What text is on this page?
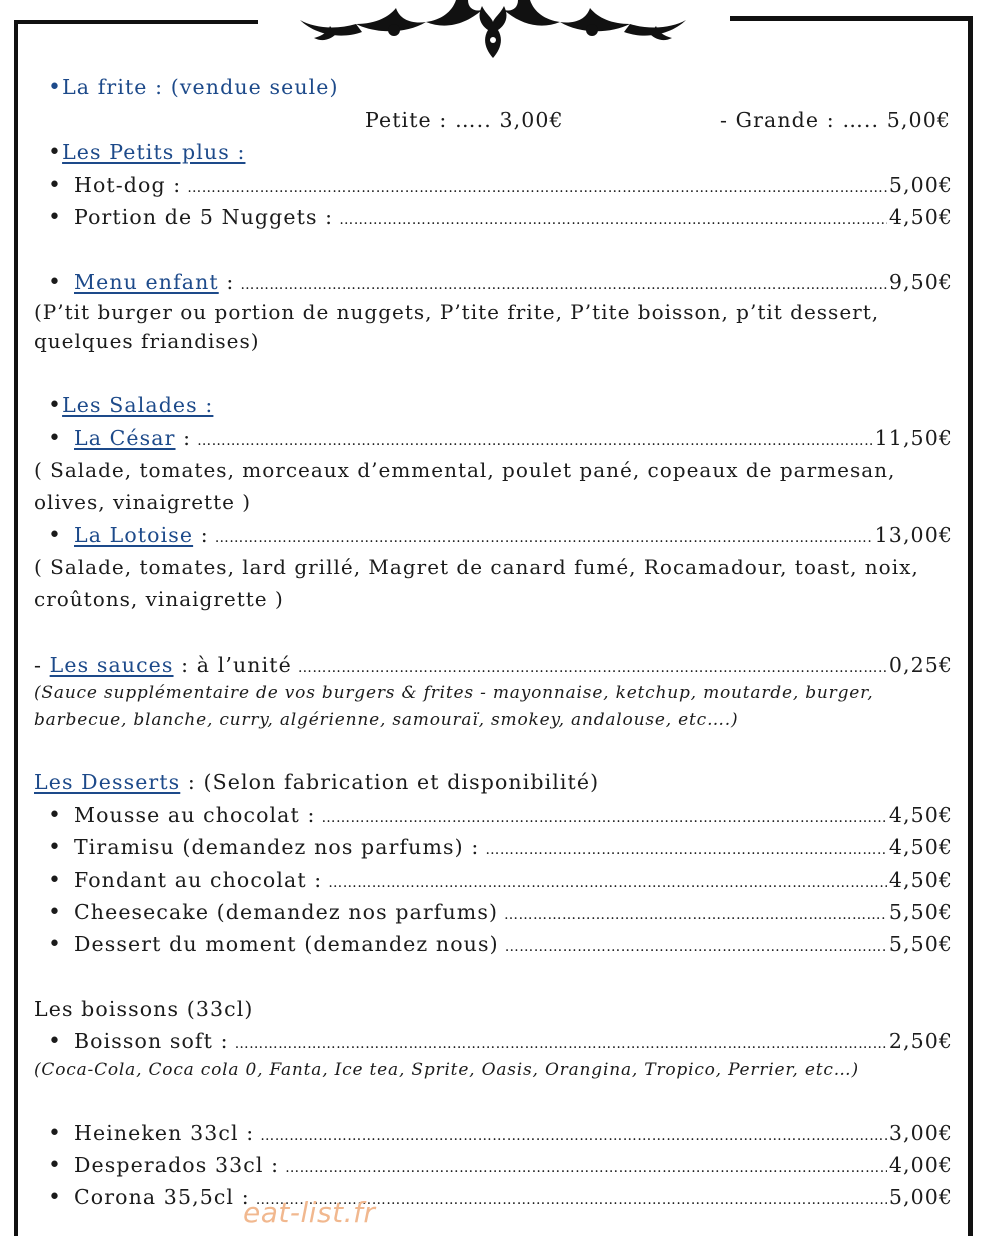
•La frite : (vendue seule)
Petite : ….. 3,00€	- Grande : ….. 5,00€
•Les Petits plus :
• Hot-dog : …………………………………………………………………………………………………………………………………………………………………………………………………………	5,00€
• Portion de 5 Nuggets : …………………………………………………………………………………………………………………………………………………………………………………………………………	4,50€
• Menu enfant : …………………………………………………………………………………………………………………………………………………………………………………………………………	9,50€
(P’tit burger ou portion de nuggets, P’tite frite, P’tite boisson, p’tit dessert, quelques friandises)
•Les Salades :
• La César : …………………………………………………………………………………………………………………………………………………………………………………………………………	11,50€
( Salade, tomates, morceaux d’emmental, poulet pané, copeaux de parmesan, olives, vinaigrette )
• La Lotoise : …………………………………………………………………………………………………………………………………………………………………………………………………………	13,00€
( Salade, tomates, lard grillé, Magret de canard fumé, Rocamadour, toast, noix, croûtons, vinaigrette )
- Les sauces : à l’unité …………………………………………………………………………………………………………………………………………………………………………………………………………	0,25€
(Sauce supplémentaire de vos burgers & frites - mayonnaise, ketchup, moutarde, burger, barbecue, blanche, curry, algérienne, samouraï, smokey, andalouse, etc….)
Les Desserts : (Selon fabrication et disponibilité)
• Mousse au chocolat : …………………………………………………………………………………………………………………………………………………………………………………………………………	4,50€
• Tiramisu (demandez nos parfums) : …………………………………………………………………………………………………………………………………………………………………………………………………………	4,50€
• Fondant au chocolat : …………………………………………………………………………………………………………………………………………………………………………………………………………	4,50€
• Cheesecake (demandez nos parfums) …………………………………………………………………………………………………………………………………………………………………………………………………………	5,50€
• Dessert du moment (demandez nous) …………………………………………………………………………………………………………………………………………………………………………………………………………	5,50€
Les boissons (33cl)
• Boisson soft : …………………………………………………………………………………………………………………………………………………………………………………………………………	2,50€
(Coca-Cola, Coca cola 0, Fanta, Ice tea, Sprite, Oasis, Orangina, Tropico, Perrier, etc…)
• Heineken 33cl : …………………………………………………………………………………………………………………………………………………………………………………………………………	3,00€
• Desperados 33cl : …………………………………………………………………………………………………………………………………………………………………………………………………………	4,00€
• Corona 35,5cl : …………………………………………………………………………………………………………………………………………………………………………………………………………	5,00€
eat-list.fr
